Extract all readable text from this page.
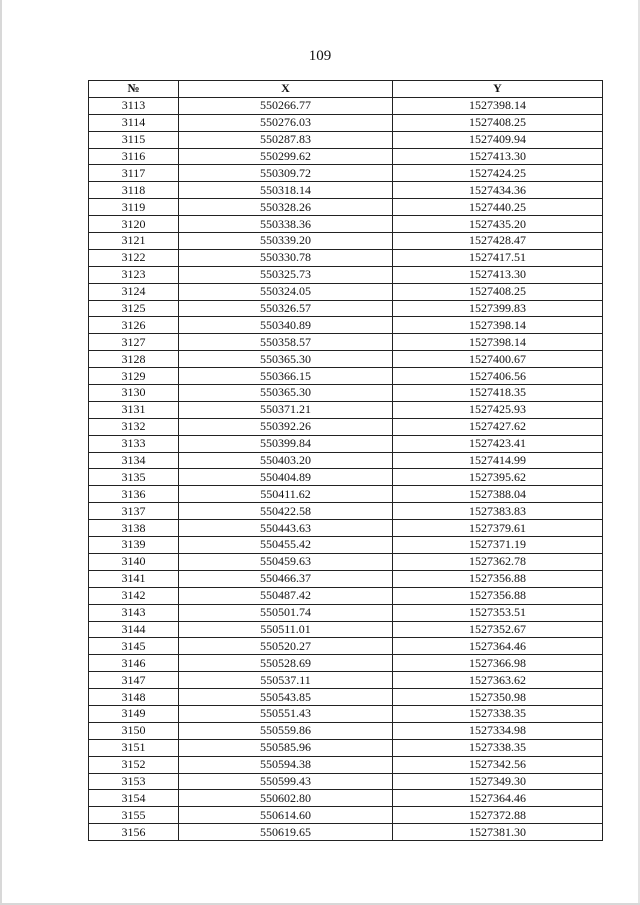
109
№	X	Y
3113	550266.77	1527398.14
3114	550276.03	1527408.25
3115	550287.83	1527409.94
3116	550299.62	1527413.30
3117	550309.72	1527424.25
3118	550318.14	1527434.36
3119	550328.26	1527440.25
3120	550338.36	1527435.20
3121	550339.20	1527428.47
3122	550330.78	1527417.51
3123	550325.73	1527413.30
3124	550324.05	1527408.25
3125	550326.57	1527399.83
3126	550340.89	1527398.14
3127	550358.57	1527398.14
3128	550365.30	1527400.67
3129	550366.15	1527406.56
3130	550365.30	1527418.35
3131	550371.21	1527425.93
3132	550392.26	1527427.62
3133	550399.84	1527423.41
3134	550403.20	1527414.99
3135	550404.89	1527395.62
3136	550411.62	1527388.04
3137	550422.58	1527383.83
3138	550443.63	1527379.61
3139	550455.42	1527371.19
3140	550459.63	1527362.78
3141	550466.37	1527356.88
3142	550487.42	1527356.88
3143	550501.74	1527353.51
3144	550511.01	1527352.67
3145	550520.27	1527364.46
3146	550528.69	1527366.98
3147	550537.11	1527363.62
3148	550543.85	1527350.98
3149	550551.43	1527338.35
3150	550559.86	1527334.98
3151	550585.96	1527338.35
3152	550594.38	1527342.56
3153	550599.43	1527349.30
3154	550602.80	1527364.46
3155	550614.60	1527372.88
3156	550619.65	1527381.30
